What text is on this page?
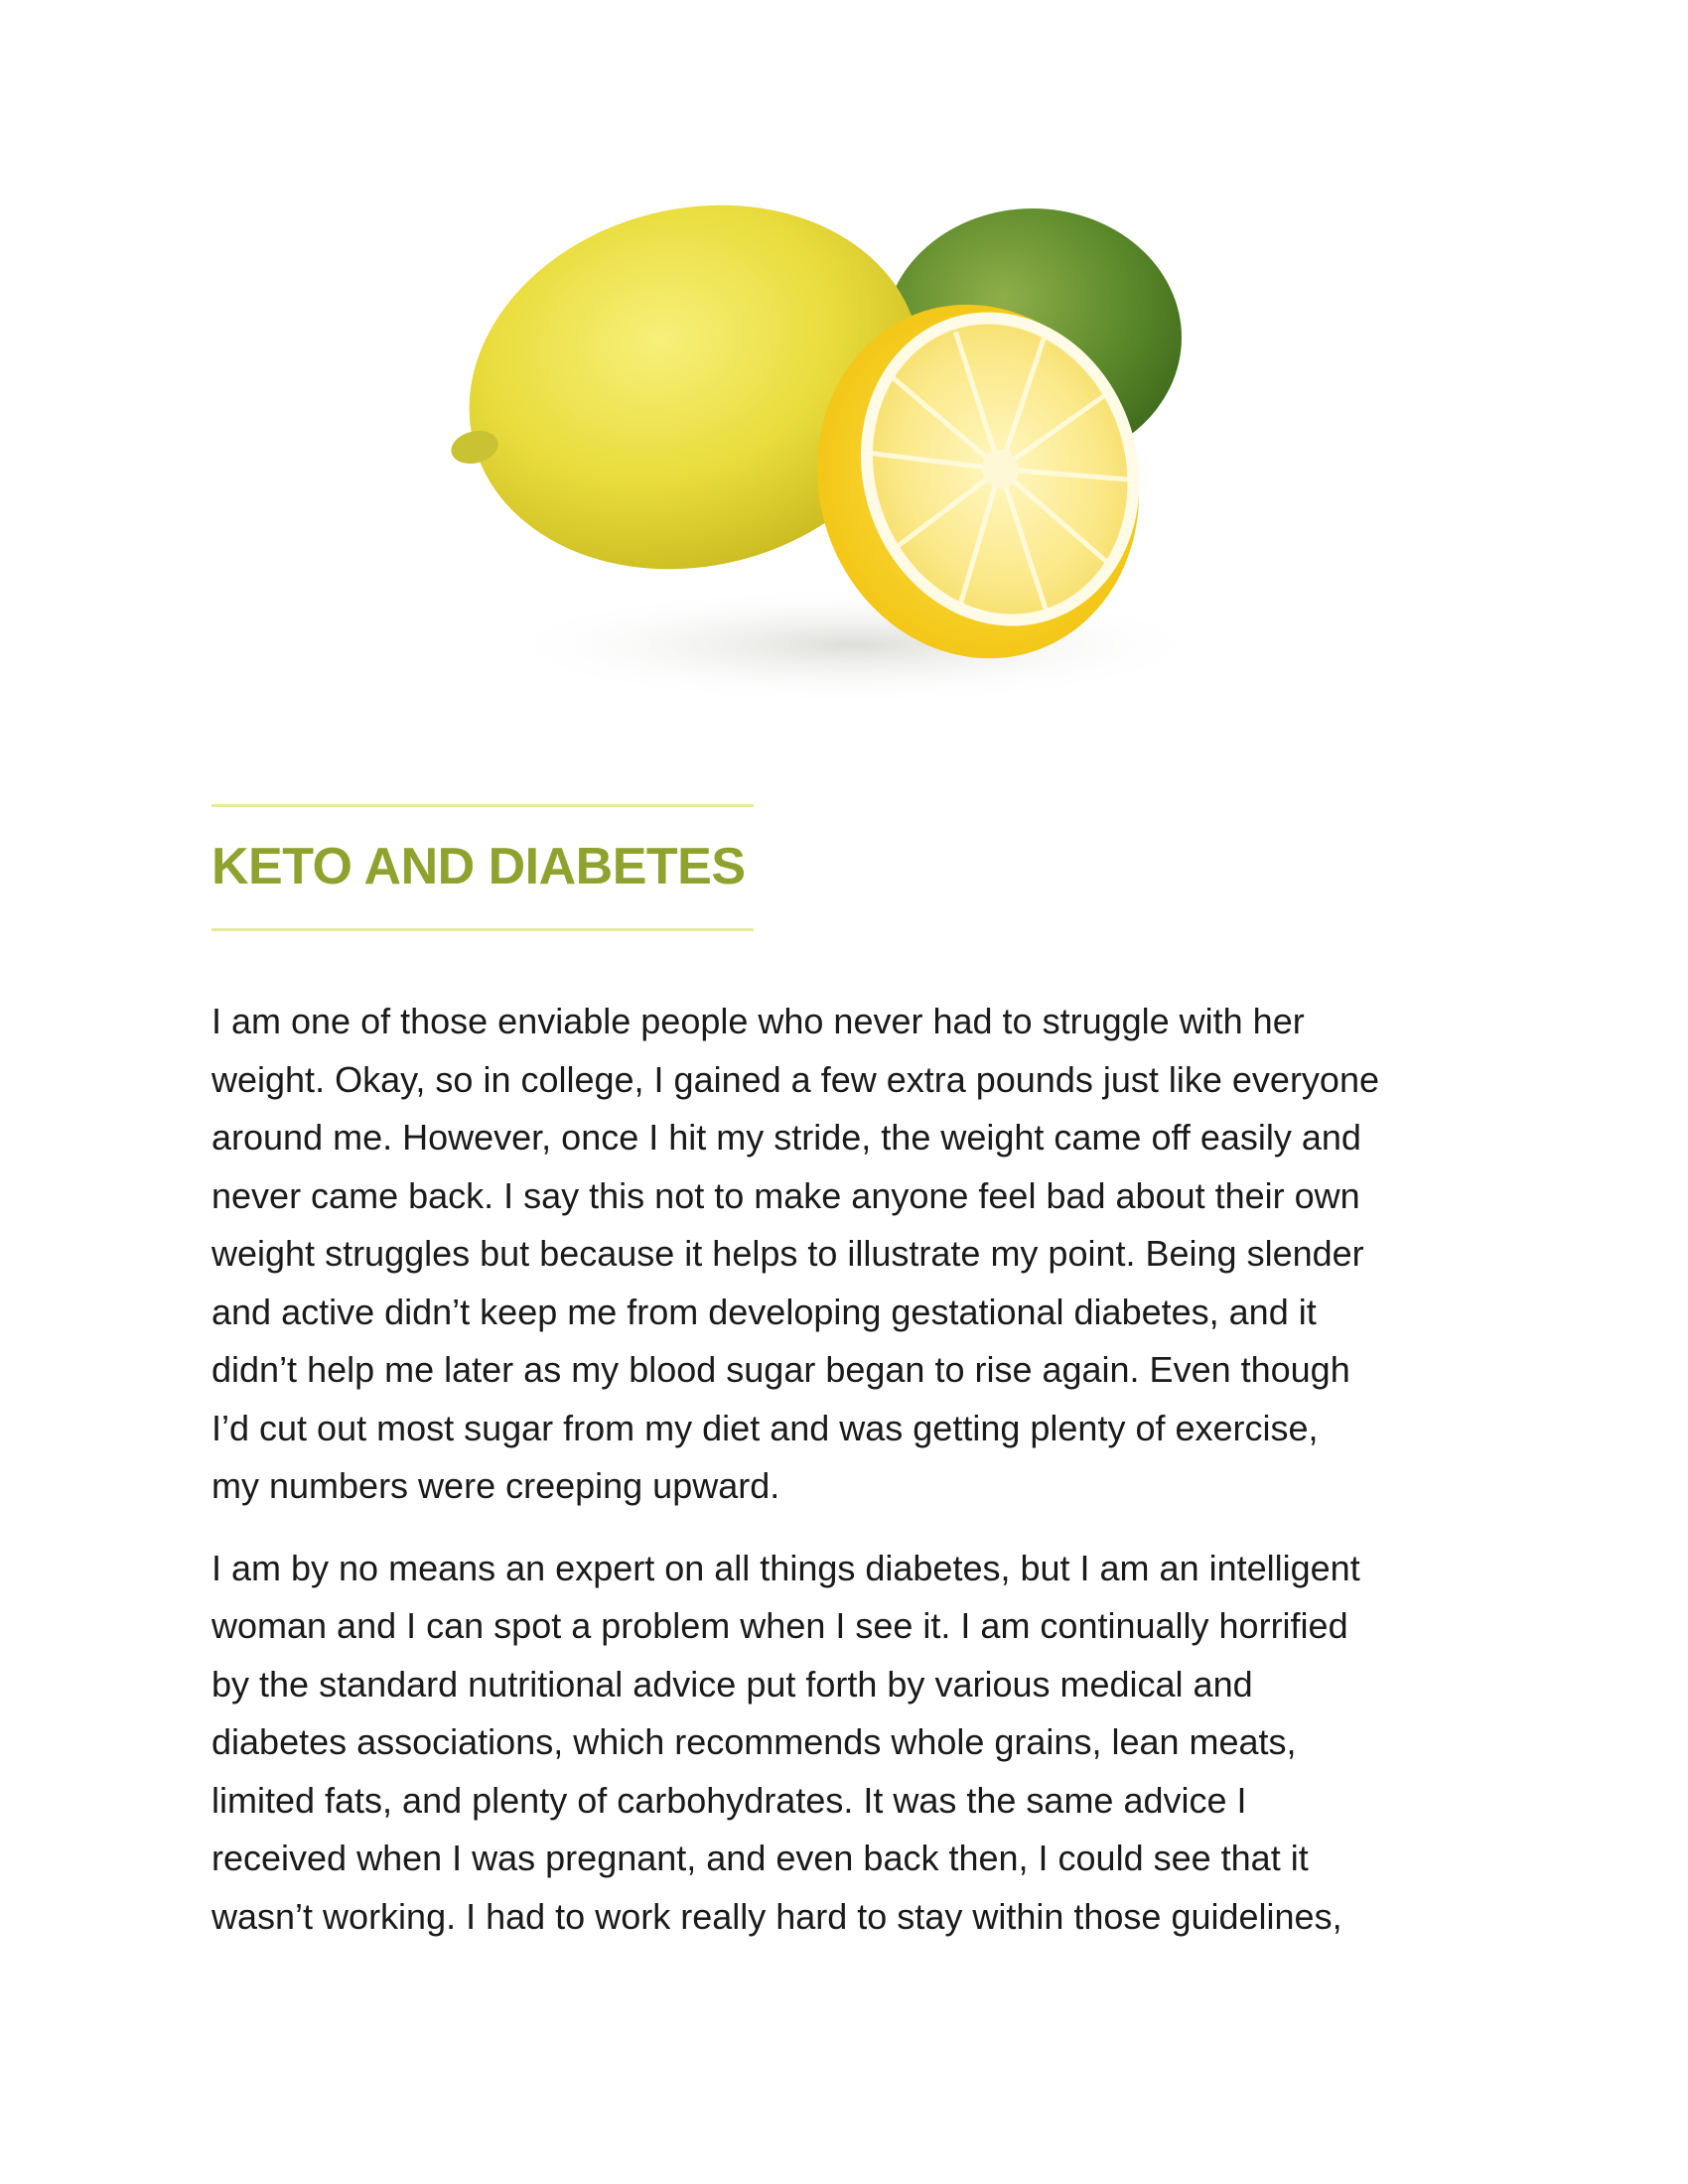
KETO AND DIABETES

I am one of those enviable people who never had to struggle with her
weight. Okay, so in college, I gained a few extra pounds just like everyone
around me. However, once I hit my stride, the weight came off easily and
never came back. I say this not to make anyone feel bad about their own
weight struggles but because it helps to illustrate my point. Being slender
and active didn’t keep me from developing gestational diabetes, and it
didn’t help me later as my blood sugar began to rise again. Even though
I’d cut out most sugar from my diet and was getting plenty of exercise,
my numbers were creeping upward.

I am by no means an expert on all things diabetes, but I am an intelligent
woman and I can spot a problem when I see it. I am continually horrified
by the standard nutritional advice put forth by various medical and
diabetes associations, which recommends whole grains, lean meats,
limited fats, and plenty of carbohydrates. It was the same advice I
received when I was pregnant, and even back then, I could see that it
wasn’t working. I had to work really hard to stay within those guidelines,
